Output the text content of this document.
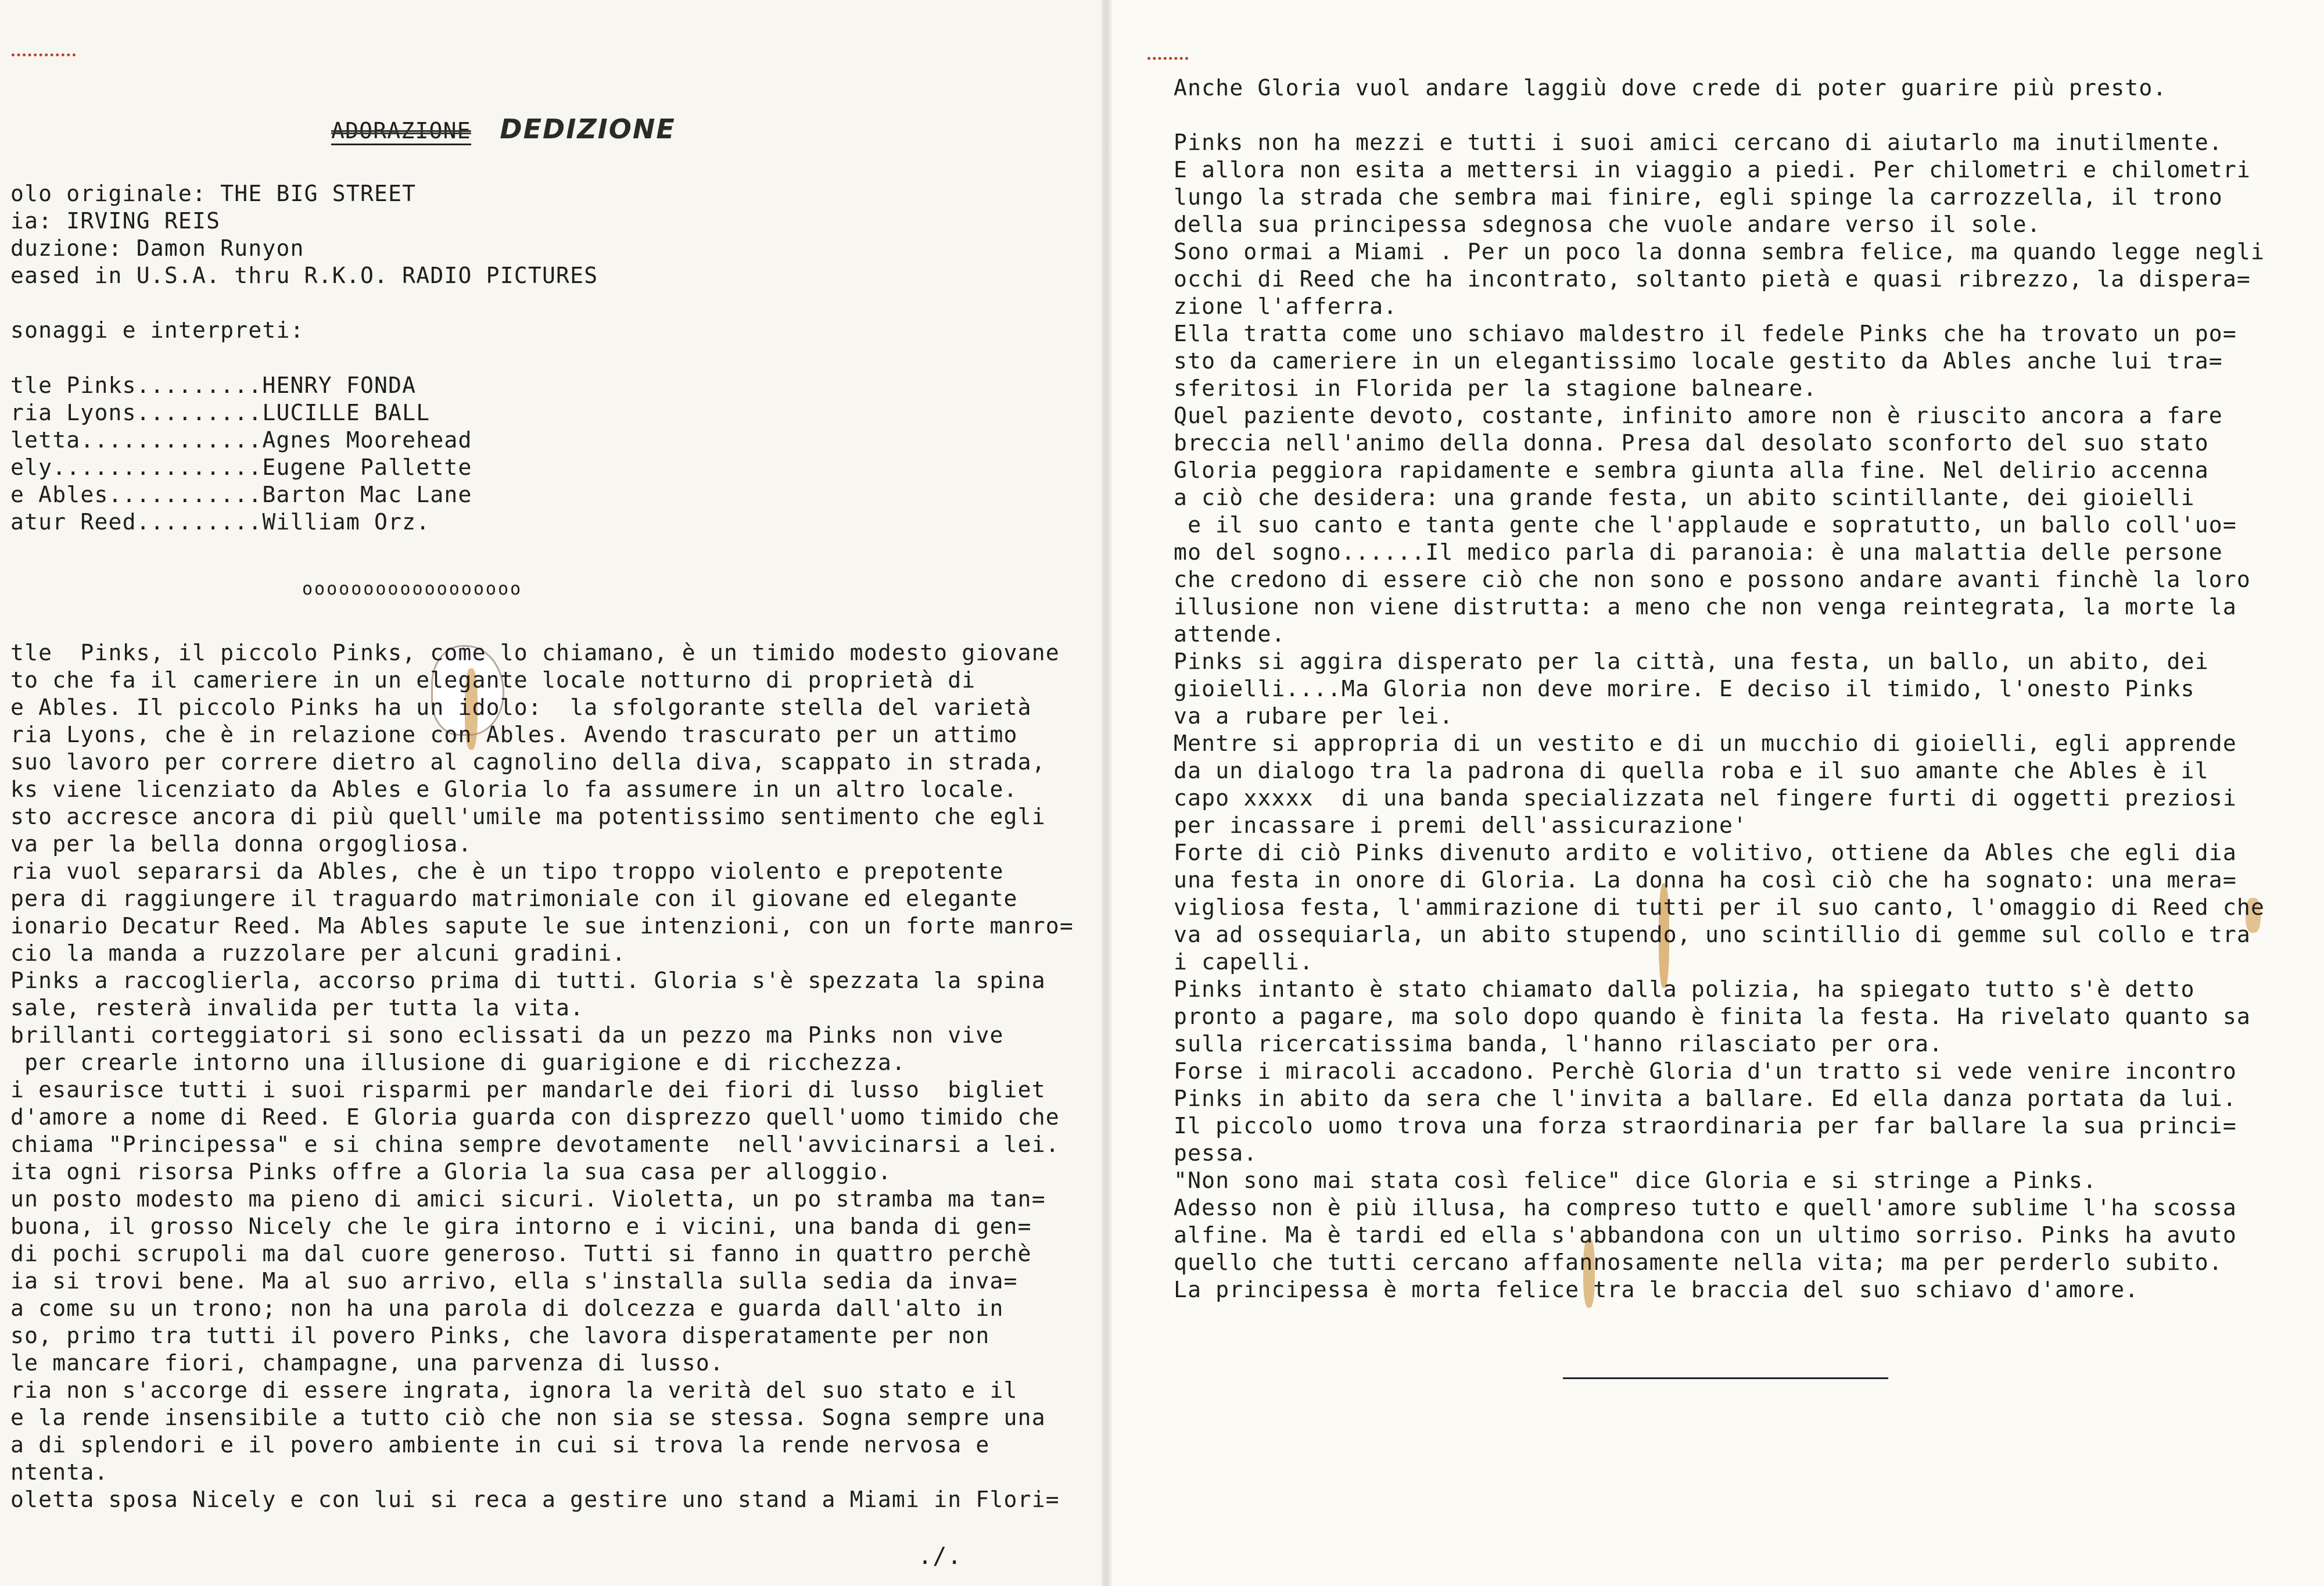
ADORAZIONE DEDIZIONE
olo originale: THE BIG STREET
ia: IRVING REIS
duzione: Damon Runyon
eased in U.S.A. thru R.K.O. RADIO PICTURES
sonaggi e interpreti:
tle Pinks.........HENRY FONDA
ria Lyons.........LUCILLE BALL
letta.............Agnes Moorehead
ely...............Eugene Pallette
e Ables...........Barton Mac Lane
atur Reed.........William Orz.
oooooooooooooooooo
tle  Pinks, il piccolo Pinks, come lo chiamano, è un timido modesto giovane
to che fa il cameriere in un elegante locale notturno di proprietà di
e Ables. Il piccolo Pinks ha un idolo:  la sfolgorante stella del varietà
ria Lyons, che è in relazione con Ables. Avendo trascurato per un attimo
suo lavoro per correre dietro al cagnolino della diva, scappato in strada,
ks viene licenziato da Ables e Gloria lo fa assumere in un altro locale.
sto accresce ancora di più quell'umile ma potentissimo sentimento che egli
va per la bella donna orgogliosa.
ria vuol separarsi da Ables, che è un tipo troppo violento e prepotente
pera di raggiungere il traguardo matrimoniale con il giovane ed elegante
ionario Decatur Reed. Ma Ables sapute le sue intenzioni, con un forte manro=
cio la manda a ruzzolare per alcuni gradini.
Pinks a raccoglierla, accorso prima di tutti. Gloria s'è spezzata la spina
sale, resterà invalida per tutta la vita.
brillanti corteggiatori si sono eclissati da un pezzo ma Pinks non vive
per crearle intorno una illusione di guarigione e di ricchezza.
i esaurisce tutti i suoi risparmi per mandarle dei fiori di lusso  bigliet
d'amore a nome di Reed. E Gloria guarda con disprezzo quell'uomo timido che
chiama "Principessa" e si china sempre devotamente  nell'avvicinarsi a lei.
ita ogni risorsa Pinks offre a Gloria la sua casa per alloggio.
un posto modesto ma pieno di amici sicuri. Violetta, un po stramba ma tan=
buona, il grosso Nicely che le gira intorno e i vicini, una banda di gen=
di pochi scrupoli ma dal cuore generoso. Tutti si fanno in quattro perchè
ia si trovi bene. Ma al suo arrivo, ella s'installa sulla sedia da inva=
a come su un trono; non ha una parola di dolcezza e guarda dall'alto in
so, primo tra tutti il povero Pinks, che lavora disperatamente per non
le mancare fiori, champagne, una parvenza di lusso.
ria non s'accorge di essere ingrata, ignora la verità del suo stato e il
e la rende insensibile a tutto ciò che non sia se stessa. Sogna sempre una
a di splendori e il povero ambiente in cui si trova la rende nervosa e
ntenta.
oletta sposa Nicely e con lui si reca a gestire uno stand a Miami in Flori=
./.
Anche Gloria vuol andare laggiù dove crede di poter guarire più presto.

Pinks non ha mezzi e tutti i suoi amici cercano di aiutarlo ma inutilmente.
E allora non esita a mettersi in viaggio a piedi. Per chilometri e chilometri
lungo la strada che sembra mai finire, egli spinge la carrozzella, il trono
della sua principessa sdegnosa che vuole andare verso il sole.
Sono ormai a Miami . Per un poco la donna sembra felice, ma quando legge negli
occhi di Reed che ha incontrato, soltanto pietà e quasi ribrezzo, la dispera=
zione l'afferra.
Ella tratta come uno schiavo maldestro il fedele Pinks che ha trovato un po=
sto da cameriere in un elegantissimo locale gestito da Ables anche lui tra=
sferitosi in Florida per la stagione balneare.
Quel paziente devoto, costante, infinito amore non è riuscito ancora a fare
breccia nell'animo della donna. Presa dal desolato sconforto del suo stato
Gloria peggiora rapidamente e sembra giunta alla fine. Nel delirio accenna
a ciò che desidera: una grande festa, un abito scintillante, dei gioielli
e il suo canto e tanta gente che l'applaude e sopratutto, un ballo coll'uo=
mo del sogno......Il medico parla di paranoia: è una malattia delle persone
che credono di essere ciò che non sono e possono andare avanti finchè la loro
illusione non viene distrutta: a meno che non venga reintegrata, la morte la
attende.
Pinks si aggira disperato per la città, una festa, un ballo, un abito, dei
gioielli....Ma Gloria non deve morire. E deciso il timido, l'onesto Pinks
va a rubare per lei.
Mentre si appropria di un vestito e di un mucchio di gioielli, egli apprende
da un dialogo tra la padrona di quella roba e il suo amante che Ables è il
capo xxxxx  di una banda specializzata nel fingere furti di oggetti preziosi
per incassare i premi dell'assicurazione'
Forte di ciò Pinks divenuto ardito e volitivo, ottiene da Ables che egli dia
una festa in onore di Gloria. La donna ha così ciò che ha sognato: una mera=
vigliosa festa, l'ammirazione di tutti per il suo canto, l'omaggio di Reed che
va ad ossequiarla, un abito stupendo, uno scintillio di gemme sul collo e tra
i capelli.
Pinks intanto è stato chiamato dalla polizia, ha spiegato tutto s'è detto
pronto a pagare, ma solo dopo quando è finita la festa. Ha rivelato quanto sa
sulla ricercatissima banda, l'hanno rilasciato per ora.
Forse i miracoli accadono. Perchè Gloria d'un tratto si vede venire incontro
Pinks in abito da sera che l'invita a ballare. Ed ella danza portata da lui.
Il piccolo uomo trova una forza straordinaria per far ballare la sua princi=
pessa.
"Non sono mai stata così felice" dice Gloria e si stringe a Pinks.
Adesso non è più illusa, ha compreso tutto e quell'amore sublime l'ha scossa
alfine. Ma è tardi ed ella s'abbandona con un ultimo sorriso. Pinks ha avuto
quello che tutti cercano affannosamente nella vita; ma per perderlo subito.
La principessa è morta felice tra le braccia del suo schiavo d'amore.
